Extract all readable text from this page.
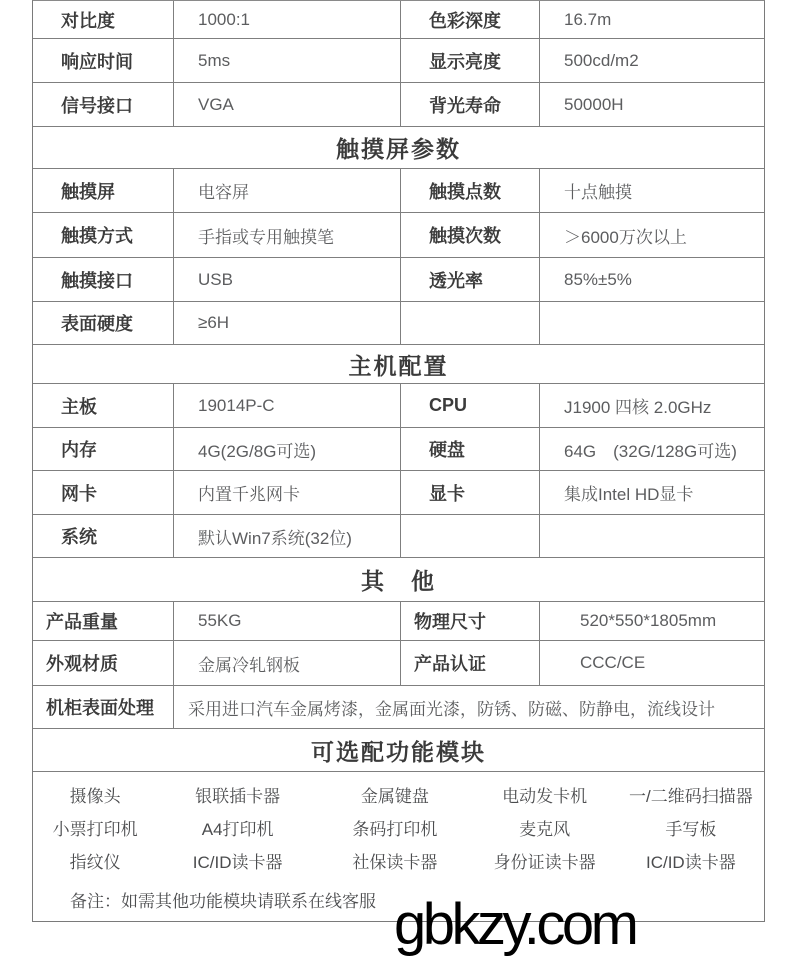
对比度	1000:1	色彩深度	16.7m
响应时间	5ms	显示亮度	500cd/m2
信号接口	VGA	背光寿命	50000H
触摸屏参数
触摸屏	电容屏	触摸点数	十点触摸
触摸方式	手指或专用触摸笔	触摸次数	＞6000万次以上
触摸接口	USB	透光率	85%±5%
表面硬度	≥6H
主机配置
主板	19014P-C	CPU	J1900 四核 2.0GHz
内存	4G(2G/8G可选)	硬盘	64G　(32G/128G可选)
网卡	内置千兆网卡	显卡	集成Intel HD显卡
系统	默认Win7系统(32位)
其　他
产品重量	55KG	物理尺寸	520*550*1805mm
外观材质	金属冷轧钢板	产品认证	CCC/CE
机柜表面处理	采用进口汽车金属烤漆，金属面光漆，防锈、防磁、防静电，流线设计
可选配功能模块
摄像头	银联插卡器	金属键盘	电动发卡机	一/二维码扫描器
小票打印机	A4打印机	条码打印机	麦克风	手写板
指纹仪	IC/ID读卡器	社保读卡器	身份证读卡器	IC/ID读卡器
备注：如需其他功能模块请联系在线客服 gbkzy.com
